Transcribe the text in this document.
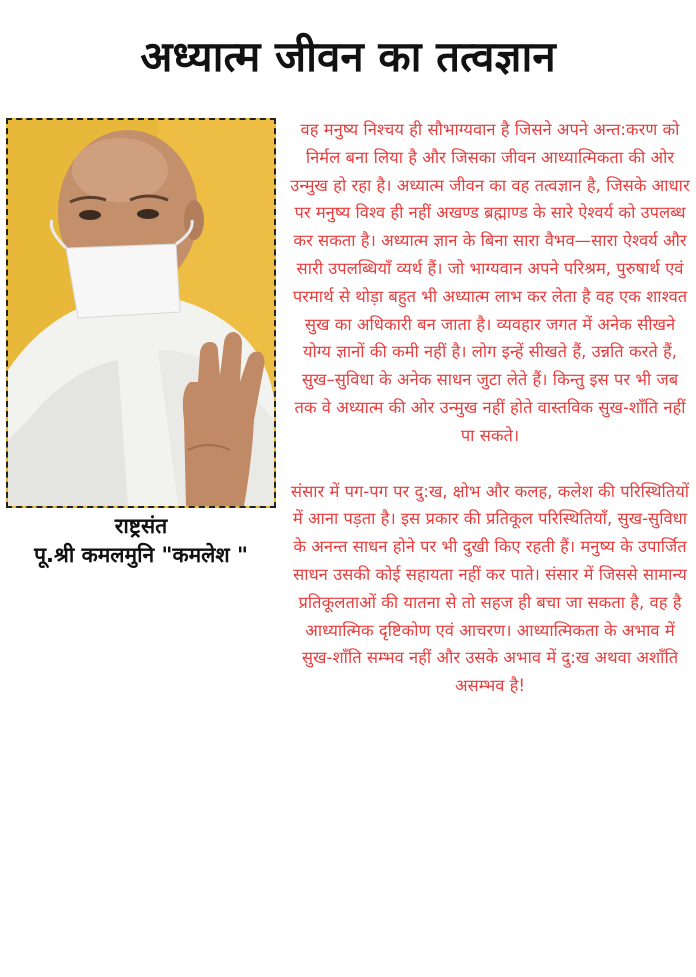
अध्यात्म जीवन का तत्वज्ञान
राष्ट्रसंत
पू.श्री कमलमुनि "कमलेश "

वह मनुष्य निश्चय ही सौभाग्यवान है जिसने अपने अन्त:करण को निर्मल बना लिया है और जिसका जीवन आध्यात्मिकता की ओर उन्मुख हो रहा है। अध्यात्म जीवन का वह तत्वज्ञान है, जिसके आधार पर मनुष्य विश्व ही नहीं अखण्ड ब्रह्माण्ड के सारे ऐश्वर्य को उपलब्ध कर सकता है। अध्यात्म ज्ञान के बिना सारा वैभव—सारा ऐश्वर्य और सारी उपलब्धियाँ व्यर्थ हैं। जो भाग्यवान अपने परिश्रम, पुरुषार्थ एवं परमार्थ से थोड़ा बहुत भी अध्यात्म लाभ कर लेता है वह एक शाश्वत सुख का अधिकारी बन जाता है। व्यवहार जगत में अनेक सीखने योग्य ज्ञानों की कमी नहीं है। लोग इन्हें सीखते हैं, उन्नति करते हैं, सुख–सुविधा के अनेक साधन जुटा लेते हैं। किन्तु इस पर भी जब तक वे अध्यात्म की ओर उन्मुख नहीं होते वास्तविक सुख-शाँति नहीं पा सकते।

संसार में पग-पग पर दु:ख, क्षोभ और कलह, कलेश की परिस्थितियों में आना पड़ता है। इस प्रकार की प्रतिकूल परिस्थितियाँ, सुख-सुविधा के अनन्त साधन होने पर भी दुखी किए रहती हैं। मनुष्य के उपार्जित साधन उसकी कोई सहायता नहीं कर पाते। संसार में जिससे सामान्य प्रतिकूलताओं की यातना से तो सहज ही बचा जा सकता है, वह है आध्यात्मिक दृष्टिकोण एवं आचरण। आध्यात्मिकता के अभाव में सुख-शाँति सम्भव नहीं और उसके अभाव में दु:ख अथवा अशाँति असम्भव है!
